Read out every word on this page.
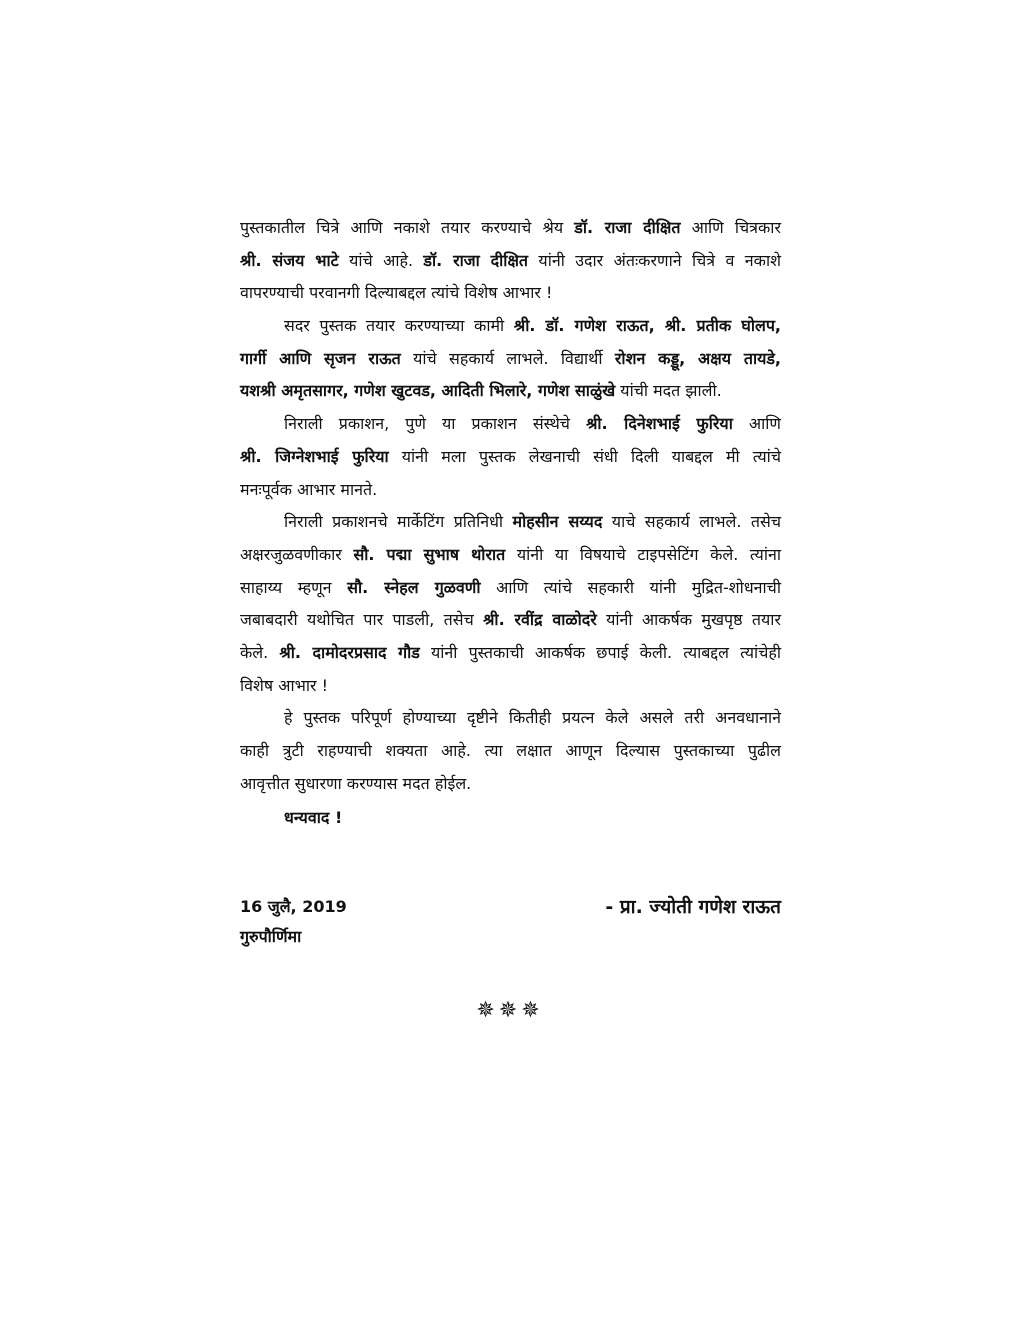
पुस्तकातील चित्रे आणि नकाशे तयार करण्याचे श्रेय डॉ. राजा दीक्षित आणि चित्रकार
श्री. संजय भाटे यांचे आहे. डॉ. राजा दीक्षित यांनी उदार अंतःकरणाने चित्रे व नकाशे
वापरण्याची परवानगी दिल्याबद्दल त्यांचे विशेष आभार !
सदर पुस्तक तयार करण्याच्या कामी श्री. डॉ. गणेश राऊत, श्री. प्रतीक घोलप,
गार्गी आणि सृजन राऊत यांचे सहकार्य लाभले. विद्यार्थी रोशन कड्डू, अक्षय तायडे,
यशश्री अमृतसागर, गणेश खुटवड, आदिती भिलारे, गणेश साळुंखे यांची मदत झाली.
निराली प्रकाशन, पुणे या प्रकाशन संस्थेचे श्री. दिनेशभाई फुरिया आणि
श्री. जिग्नेशभाई फुरिया यांनी मला पुस्तक लेखनाची संधी दिली याबद्दल मी त्यांचे
मनःपूर्वक आभार मानते.
निराली प्रकाशनचे मार्केटिंग प्रतिनिधी मोहसीन सय्यद याचे सहकार्य लाभले. तसेच
अक्षरजुळवणीकार सौ. पद्मा सुभाष थोरात यांनी या विषयाचे टाइपसेटिंग केले. त्यांना
साहाय्य म्हणून सौ. स्नेहल गुळवणी आणि त्यांचे सहकारी यांनी मुद्रित-शोधनाची
जबाबदारी यथोचित पार पाडली, तसेच श्री. रवींद्र वाळोदरे यांनी आकर्षक मुखपृष्ठ तयार
केले. श्री. दामोदरप्रसाद गौड यांनी पुस्तकाची आकर्षक छपाई केली. त्याबद्दल त्यांचेही
विशेष आभार !
हे पुस्तक परिपूर्ण होण्याच्या दृष्टीने कितीही प्रयत्न केले असले तरी अनवधानाने
काही त्रुटी राहण्याची शक्यता आहे. त्या लक्षात आणून दिल्यास पुस्तकाच्या पुढील
आवृत्तीत सुधारणा करण्यास मदत होईल.
धन्यवाद !
16 जुलै, 2019
गुरुपौर्णिमा
- प्रा. ज्योती गणेश राऊत
✵✵✵
